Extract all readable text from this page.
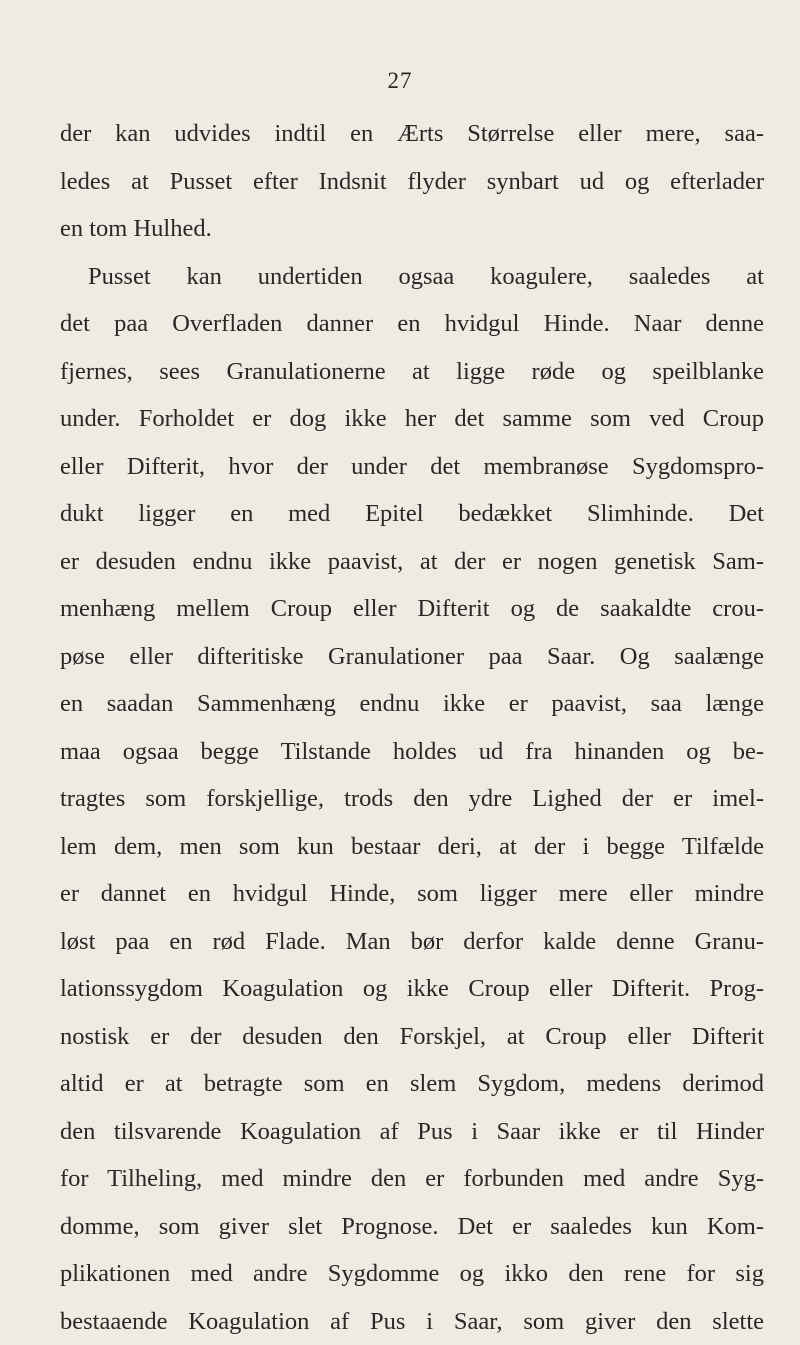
27
der kan udvides indtil en Ærts Størrelse eller mere, saa-
ledes at Pusset efter Indsnit flyder synbart ud og efterlader
en tom Hulhed.
Pusset kan undertiden ogsaa koagulere, saaledes at
det paa Overfladen danner en hvidgul Hinde. Naar denne
fjernes, sees Granulationerne at ligge røde og speilblanke
under. Forholdet er dog ikke her det samme som ved Croup
eller Difterit, hvor der under det membranøse Sygdomspro-
dukt ligger en med Epitel bedækket Slimhinde. Det
er desuden endnu ikke paavist, at der er nogen genetisk Sam-
menhæng mellem Croup eller Difterit og de saakaldte crou-
pøse eller difteritiske Granulationer paa Saar. Og saalænge
en saadan Sammenhæng endnu ikke er paavist, saa længe
maa ogsaa begge Tilstande holdes ud fra hinanden og be-
tragtes som forskjellige, trods den ydre Lighed der er imel-
lem dem, men som kun bestaar deri, at der i begge Tilfælde
er dannet en hvidgul Hinde, som ligger mere eller mindre
løst paa en rød Flade. Man bør derfor kalde denne Granu-
lationssygdom Koagulation og ikke Croup eller Difterit. Prog-
nostisk er der desuden den Forskjel, at Croup eller Difterit
altid er at betragte som en slem Sygdom, medens derimod
den tilsvarende Koagulation af Pus i Saar ikke er til Hinder
for Tilheling, med mindre den er forbunden med andre Syg-
domme, som giver slet Prognose. Det er saaledes kun Kom-
plikationen med andre Sygdomme og ikko den rene for sig
bestaaende Koagulation af Pus i Saar, som giver den slette
